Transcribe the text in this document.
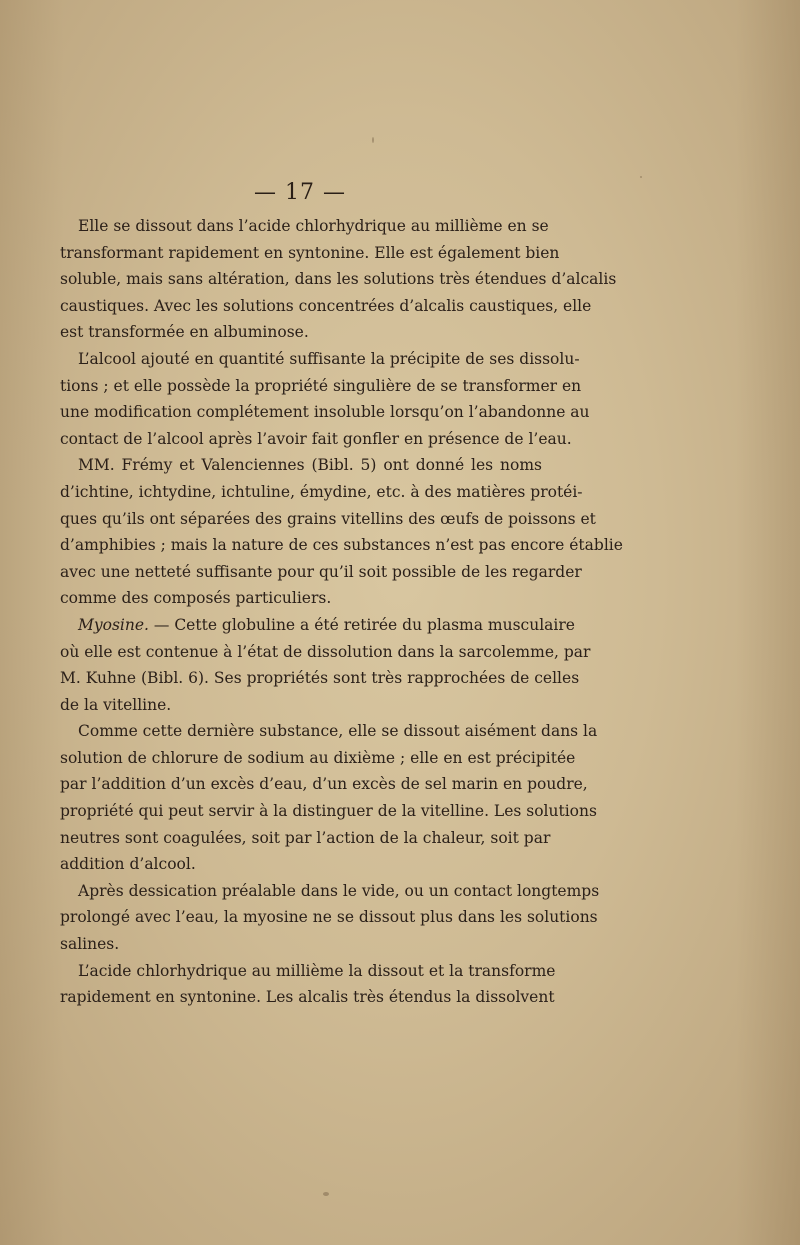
— 17 —
Elle se dissout dans l’acide chlorhydrique au millième en se
transformant rapidement en syntonine. Elle est également bien
soluble, mais sans altération, dans les solutions très étendues d’alcalis
caustiques. Avec les solutions concentrées d’alcalis caustiques, elle
est transformée en albuminose.
L’alcool ajouté en quantité suffisante la précipite de ses dissolu-
tions ; et elle possède la propriété singulière de se transformer en
une modification complétement insoluble lorsqu’on l’abandonne au
contact de l’alcool après l’avoir fait gonfler en présence de l’eau.
MM. Frémy et Valenciennes (Bibl. 5) ont donné les noms
d’ichtine, ichtydine, ichtuline, émydine, etc. à des matières protéi-
ques qu’ils ont séparées des grains vitellins des œufs de poissons et
d’amphibies ; mais la nature de ces substances n’est pas encore établie
avec une netteté suffisante pour qu’il soit possible de les regarder
comme des composés particuliers.
Myosine. — Cette globuline a été retirée du plasma musculaire
où elle est contenue à l’état de dissolution dans la sarcolemme, par
M. Kuhne (Bibl. 6). Ses propriétés sont très rapprochées de celles
de la vitelline.
Comme cette dernière substance, elle se dissout aisément dans la
solution de chlorure de sodium au dixième ; elle en est précipitée
par l’addition d’un excès d’eau, d’un excès de sel marin en poudre,
propriété qui peut servir à la distinguer de la vitelline. Les solutions
neutres sont coagulées, soit par l’action de la chaleur, soit par
addition d’alcool.
Après dessication préalable dans le vide, ou un contact longtemps
prolongé avec l’eau, la myosine ne se dissout plus dans les solutions
salines.
L’acide chlorhydrique au millième la dissout et la transforme
rapidement en syntonine. Les alcalis très étendus la dissolvent
